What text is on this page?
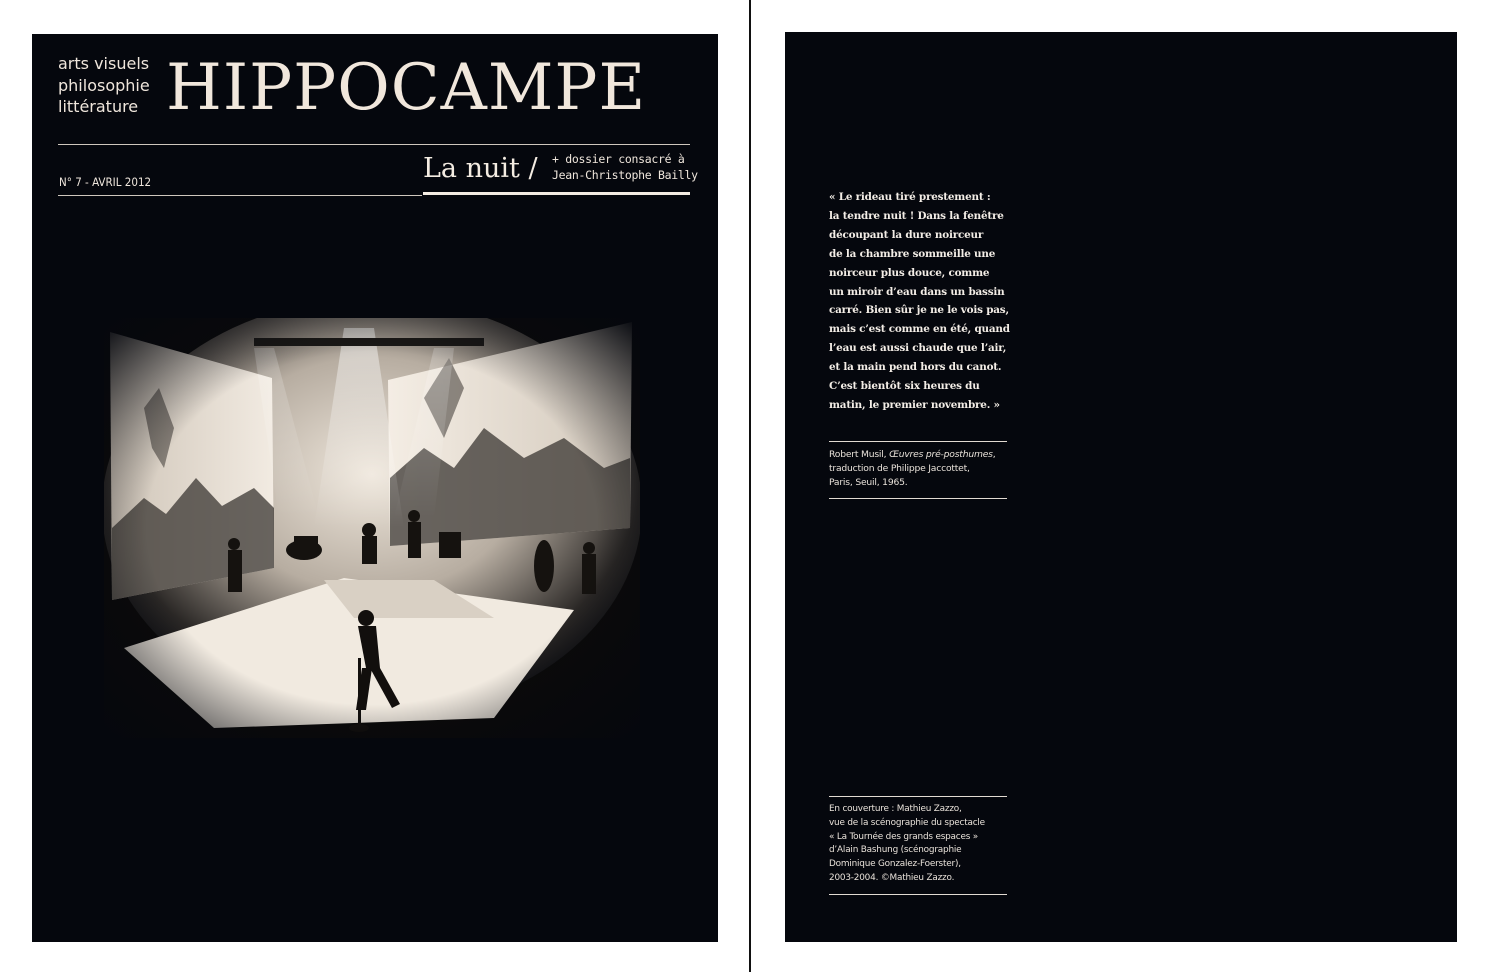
arts visuels
philosophie
littérature HIPPOCAMPE
N° 7 - AVRIL 2012	La nuit / + dossier consacré à
Jean-Christophe Bailly
« Le rideau tiré prestement :
la tendre nuit ! Dans la fenêtre
découpant la dure noirceur
de la chambre sommeille une
noirceur plus douce, comme
un miroir d’eau dans un bassin
carré. Bien sûr je ne le vois pas,
mais c’est comme en été, quand
l’eau est aussi chaude que l’air,
et la main pend hors du canot.
C’est bientôt six heures du
matin, le premier novembre. »
Robert Musil, Œuvres pré-posthumes,
traduction de Philippe Jaccottet,
Paris, Seuil, 1965.
En couverture : Mathieu Zazzo,
vue de la scénographie du spectacle
« La Tournée des grands espaces »
d’Alain Bashung (scénographie
Dominique Gonzalez-Foerster),
2003-2004. ©Mathieu Zazzo.
